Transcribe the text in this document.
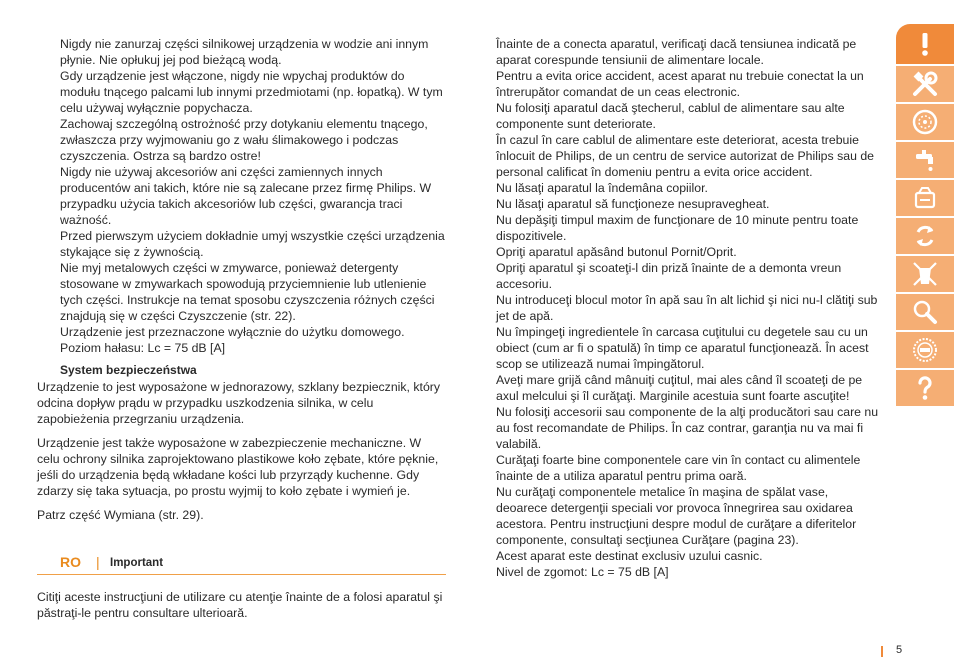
Nigdy nie zanurzaj części silnikowej urządzenia w wodzie ani innym płynie. Nie opłukuj jej pod bieżącą wodą.

Gdy urządzenie jest włączone, nigdy nie wpychaj produktów do modułu tnącego palcami lub innymi przedmiotami (np. łopatką). W tym celu używaj wyłącznie popychacza.

Zachowaj szczególną ostrożność przy dotykaniu elementu tnącego, zwłaszcza przy wyjmowaniu go z wału ślimakowego i podczas czyszczenia. Ostrza są bardzo ostre!

Nigdy nie używaj akcesoriów ani części zamiennych innych producentów ani takich, które nie są zalecane przez firmę Philips. W przypadku użycia takich akcesoriów lub części, gwarancja traci ważność.

Przed pierwszym użyciem dokładnie umyj wszystkie części urządzenia stykające się z żywnością.

Nie myj metalowych części w zmywarce, ponieważ detergenty stosowane w zmywarkach spowodują przyciemnienie lub utlenienie tych części. Instrukcje na temat sposobu czyszczenia różnych części znajdują się w części Czyszczenie (str. 22).

Urządzenie jest przeznaczone wyłącznie do użytku domowego.

Poziom hałasu: Lc = 75 dB [A]

System bezpieczeństwa

Urządzenie to jest wyposażone w jednorazowy, szklany bezpiecznik, który odcina dopływ prądu w przypadku uszkodzenia silnika, w celu zapobieżenia przegrzaniu urządzenia.

Urządzenie jest także wyposażone w zabezpieczenie mechaniczne. W celu ochrony silnika zaprojektowano plastikowe koło zębate, które pęknie, jeśli do urządzenia będą wkładane kości lub przyrządy kuchenne. Gdy zdarzy się taka sytuacja, po prostu wyjmij to koło zębate i wymień je.

Patrz część Wymiana (str. 29).

RO | Important

Citiţi aceste instrucţiuni de utilizare cu atenţie înainte de a folosi aparatul şi păstraţi-le pentru consultare ulterioară.

Înainte de a conecta aparatul, verificaţi dacă tensiunea indicată pe aparat corespunde tensiunii de alimentare locale.

Pentru a evita orice accident, acest aparat nu trebuie conectat la un întrerupător comandat de un ceas electronic.

Nu folosiţi aparatul dacă ştecherul, cablul de alimentare sau alte componente sunt deteriorate.

În cazul în care cablul de alimentare este deteriorat, acesta trebuie înlocuit de Philips, de un centru de service autorizat de Philips sau de personal calificat în domeniu pentru a evita orice accident.

Nu lăsaţi aparatul la îndemâna copiilor.

Nu lăsaţi aparatul să funcţioneze nesupravegheat.

Nu depăşiţi timpul maxim de funcţionare de 10 minute pentru toate dispozitivele.

Opriţi aparatul apăsând butonul Pornit/Oprit.

Opriţi aparatul şi scoateţi-l din priză înainte de a demonta vreun accesoriu.

Nu introduceţi blocul motor în apă sau în alt lichid şi nici nu-l clătiţi sub jet de apă.

Nu împingeţi ingredientele în carcasa cuţitului cu degetele sau cu un obiect (cum ar fi o spatulă) în timp ce aparatul funcţionează. În acest scop se utilizează numai împingătorul.

Aveţi mare grijă când mânuiţi cuţitul, mai ales când îl scoateţi de pe axul melcului şi îl curăţaţi. Marginile acestuia sunt foarte ascuţite!

Nu folosiţi accesorii sau componente de la alţi producători sau care nu au fost recomandate de Philips. În caz contrar, garanţia nu va mai fi valabilă.

Curăţaţi foarte bine componentele care vin în contact cu alimentele înainte de a utiliza aparatul pentru prima oară.

Nu curăţaţi componentele metalice în maşina de spălat vase, deoarece detergenţii speciali vor provoca înnegrirea sau oxidarea acestora. Pentru instrucţiuni despre modul de curăţare a diferitelor componente, consultaţi secţiunea Curăţare (pagina 23).

Acest aparat este destinat exclusiv uzului casnic.

Nivel de zgomot: Lc = 75 dB [A]

5
